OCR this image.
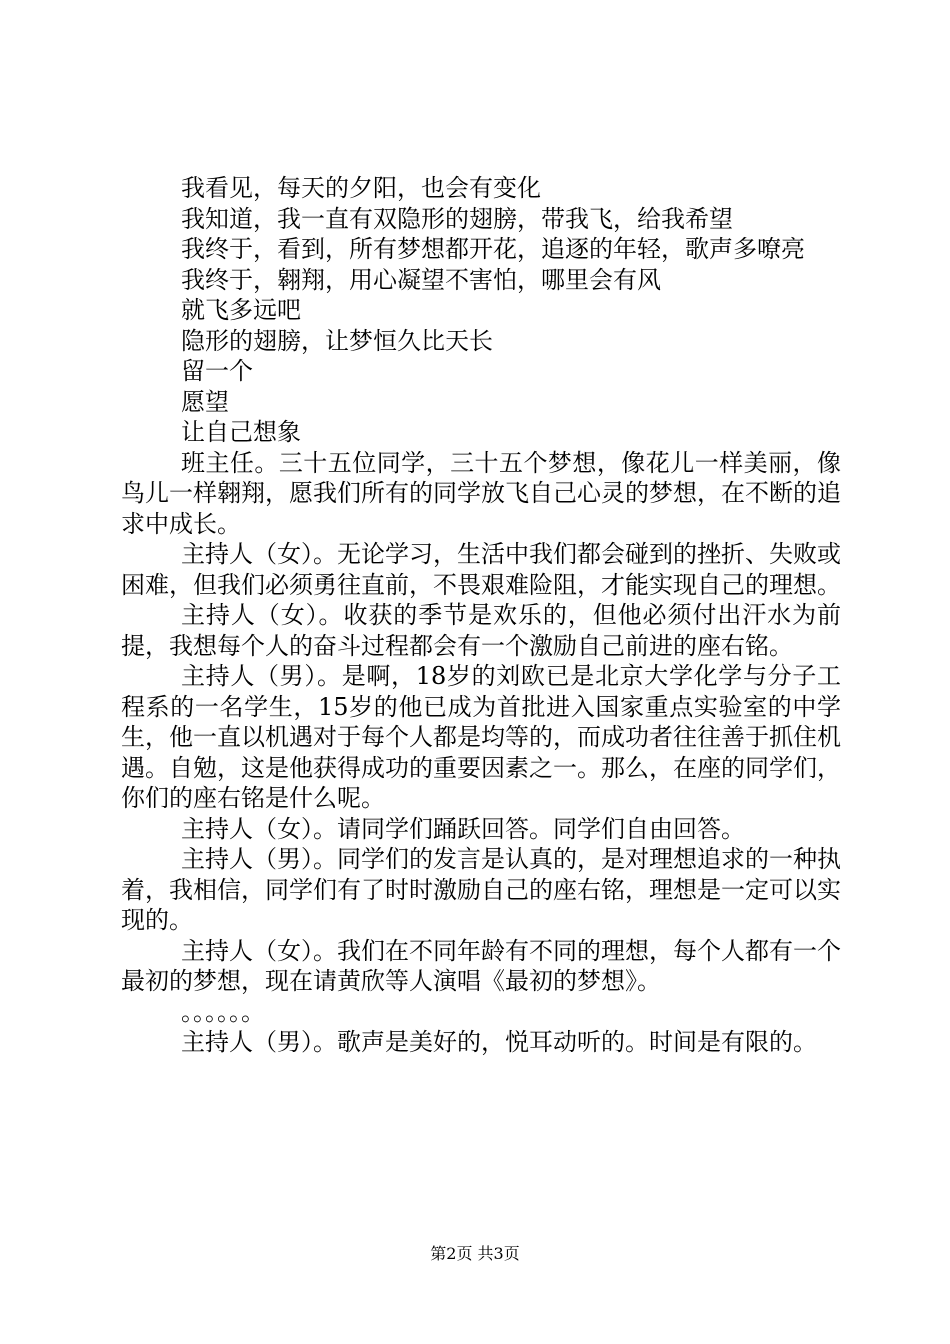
我看见，每天的夕阳，也会有变化

我知道，我一直有双隐形的翅膀，带我飞，给我希望

我终于，看到，所有梦想都开花，追逐的年轻，歌声多嘹亮

我终于，翱翔，用心凝望不害怕，哪里会有风

就飞多远吧

隐形的翅膀，让梦恒久比天长

留一个

愿望

让自己想象

班主任。三十五位同学，三十五个梦想，像花儿一样美丽，像鸟儿一样翱翔，愿我们所有的同学放飞自己心灵的梦想，在不断的追求中成长。

主持人（女）。无论学习，生活中我们都会碰到的挫折、失败或困难，但我们必须勇往直前，不畏艰难险阻，才能实现自己的理想。

主持人（女）。收获的季节是欢乐的，但他必须付出汗水为前提，我想每个人的奋斗过程都会有一个激励自己前进的座右铭。

主持人（男）。是啊，18岁的刘欧已是北京大学化学与分子工程系的一名学生，15岁的他已成为首批进入国家重点实验室的中学生，他一直以机遇对于每个人都是均等的，而成功者往往善于抓住机遇。自勉，这是他获得成功的重要因素之一。那么，在座的同学们，你们的座右铭是什么呢。

主持人（女）。请同学们踊跃回答。同学们自由回答。

主持人（男）。同学们的发言是认真的，是对理想追求的一种执着，我相信，同学们有了时时激励自己的座右铭，理想是一定可以实现的。

主持人（女）。我们在不同年龄有不同的理想，每个人都有一个最初的梦想，现在请黄欣等人演唱《最初的梦想》。

。。。。。。

主持人（男）。歌声是美好的，悦耳动听的。时间是有限的。

第2页 共3页
